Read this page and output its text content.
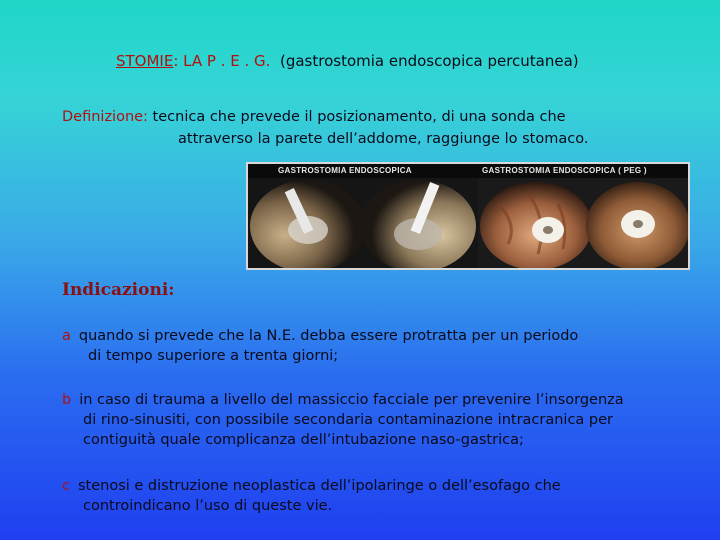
STOMIE: LA P . E . G. (gastrostomia endoscopica percutanea)
Definizione: tecnica che prevede il posizionamento, di una sonda che
attraverso la parete dell’addome, raggiunge lo stomaco.
GASTROSTOMIA ENDOSCOPICA	GASTROSTOMIA ENDOSCOPICA ( PEG )
Indicazioni:
a quando si prevede che la N.E. debba essere protratta per un periodo
di tempo superiore a trenta giorni;
b in caso di trauma a livello del massiccio facciale per prevenire l’insorgenza
di rino-sinusiti, con possibile secondaria contaminazione intracranica per
contiguità quale complicanza dell’intubazione naso-gastrica;
c stenosi e distruzione neoplastica dell’ipolaringe o dell’esofago che
controindicano l’uso di queste vie.
